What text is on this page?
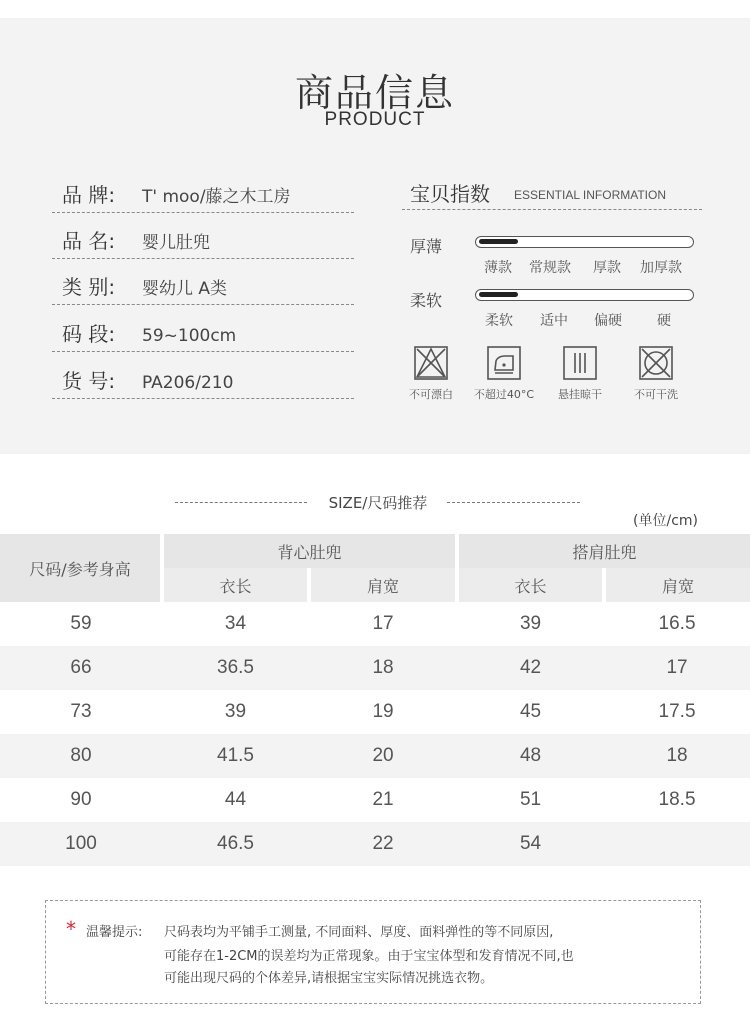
商品信息
PRODUCT
品 牌: T' moo/藤之木工房
品 名: 婴儿肚兜
类 别: 婴幼儿 A类
码 段: 59~100cm
货 号: PA206/210
宝贝指数 ESSENTIAL INFORMATION
厚薄
薄款 常规款 厚款 加厚款
柔软
柔软 适中 偏硬	硬
不可漂白	不超过40°C	悬挂晾干	不可干洗
SIZE/尺码推荐
(单位/cm)
尺码/参考身高	背心肚兜		搭肩肚兜	
	衣长	肩宽	衣长	肩宽
59	34	17	39	16.5
66	36.5	18	42	17
73	39	19	45	17.5
80	41.5	20	48	18
90	44	21	51	18.5
100	46.5	22	54	
* 温馨提示: 尺码表均为平铺手工测量, 不同面料、厚度、面料弹性的等不同原因,
可能存在1-2CM的误差均为正常现象。由于宝宝体型和发育情况不同,也
可能出现尺码的个体差异,请根据宝宝实际情况挑选衣物。
